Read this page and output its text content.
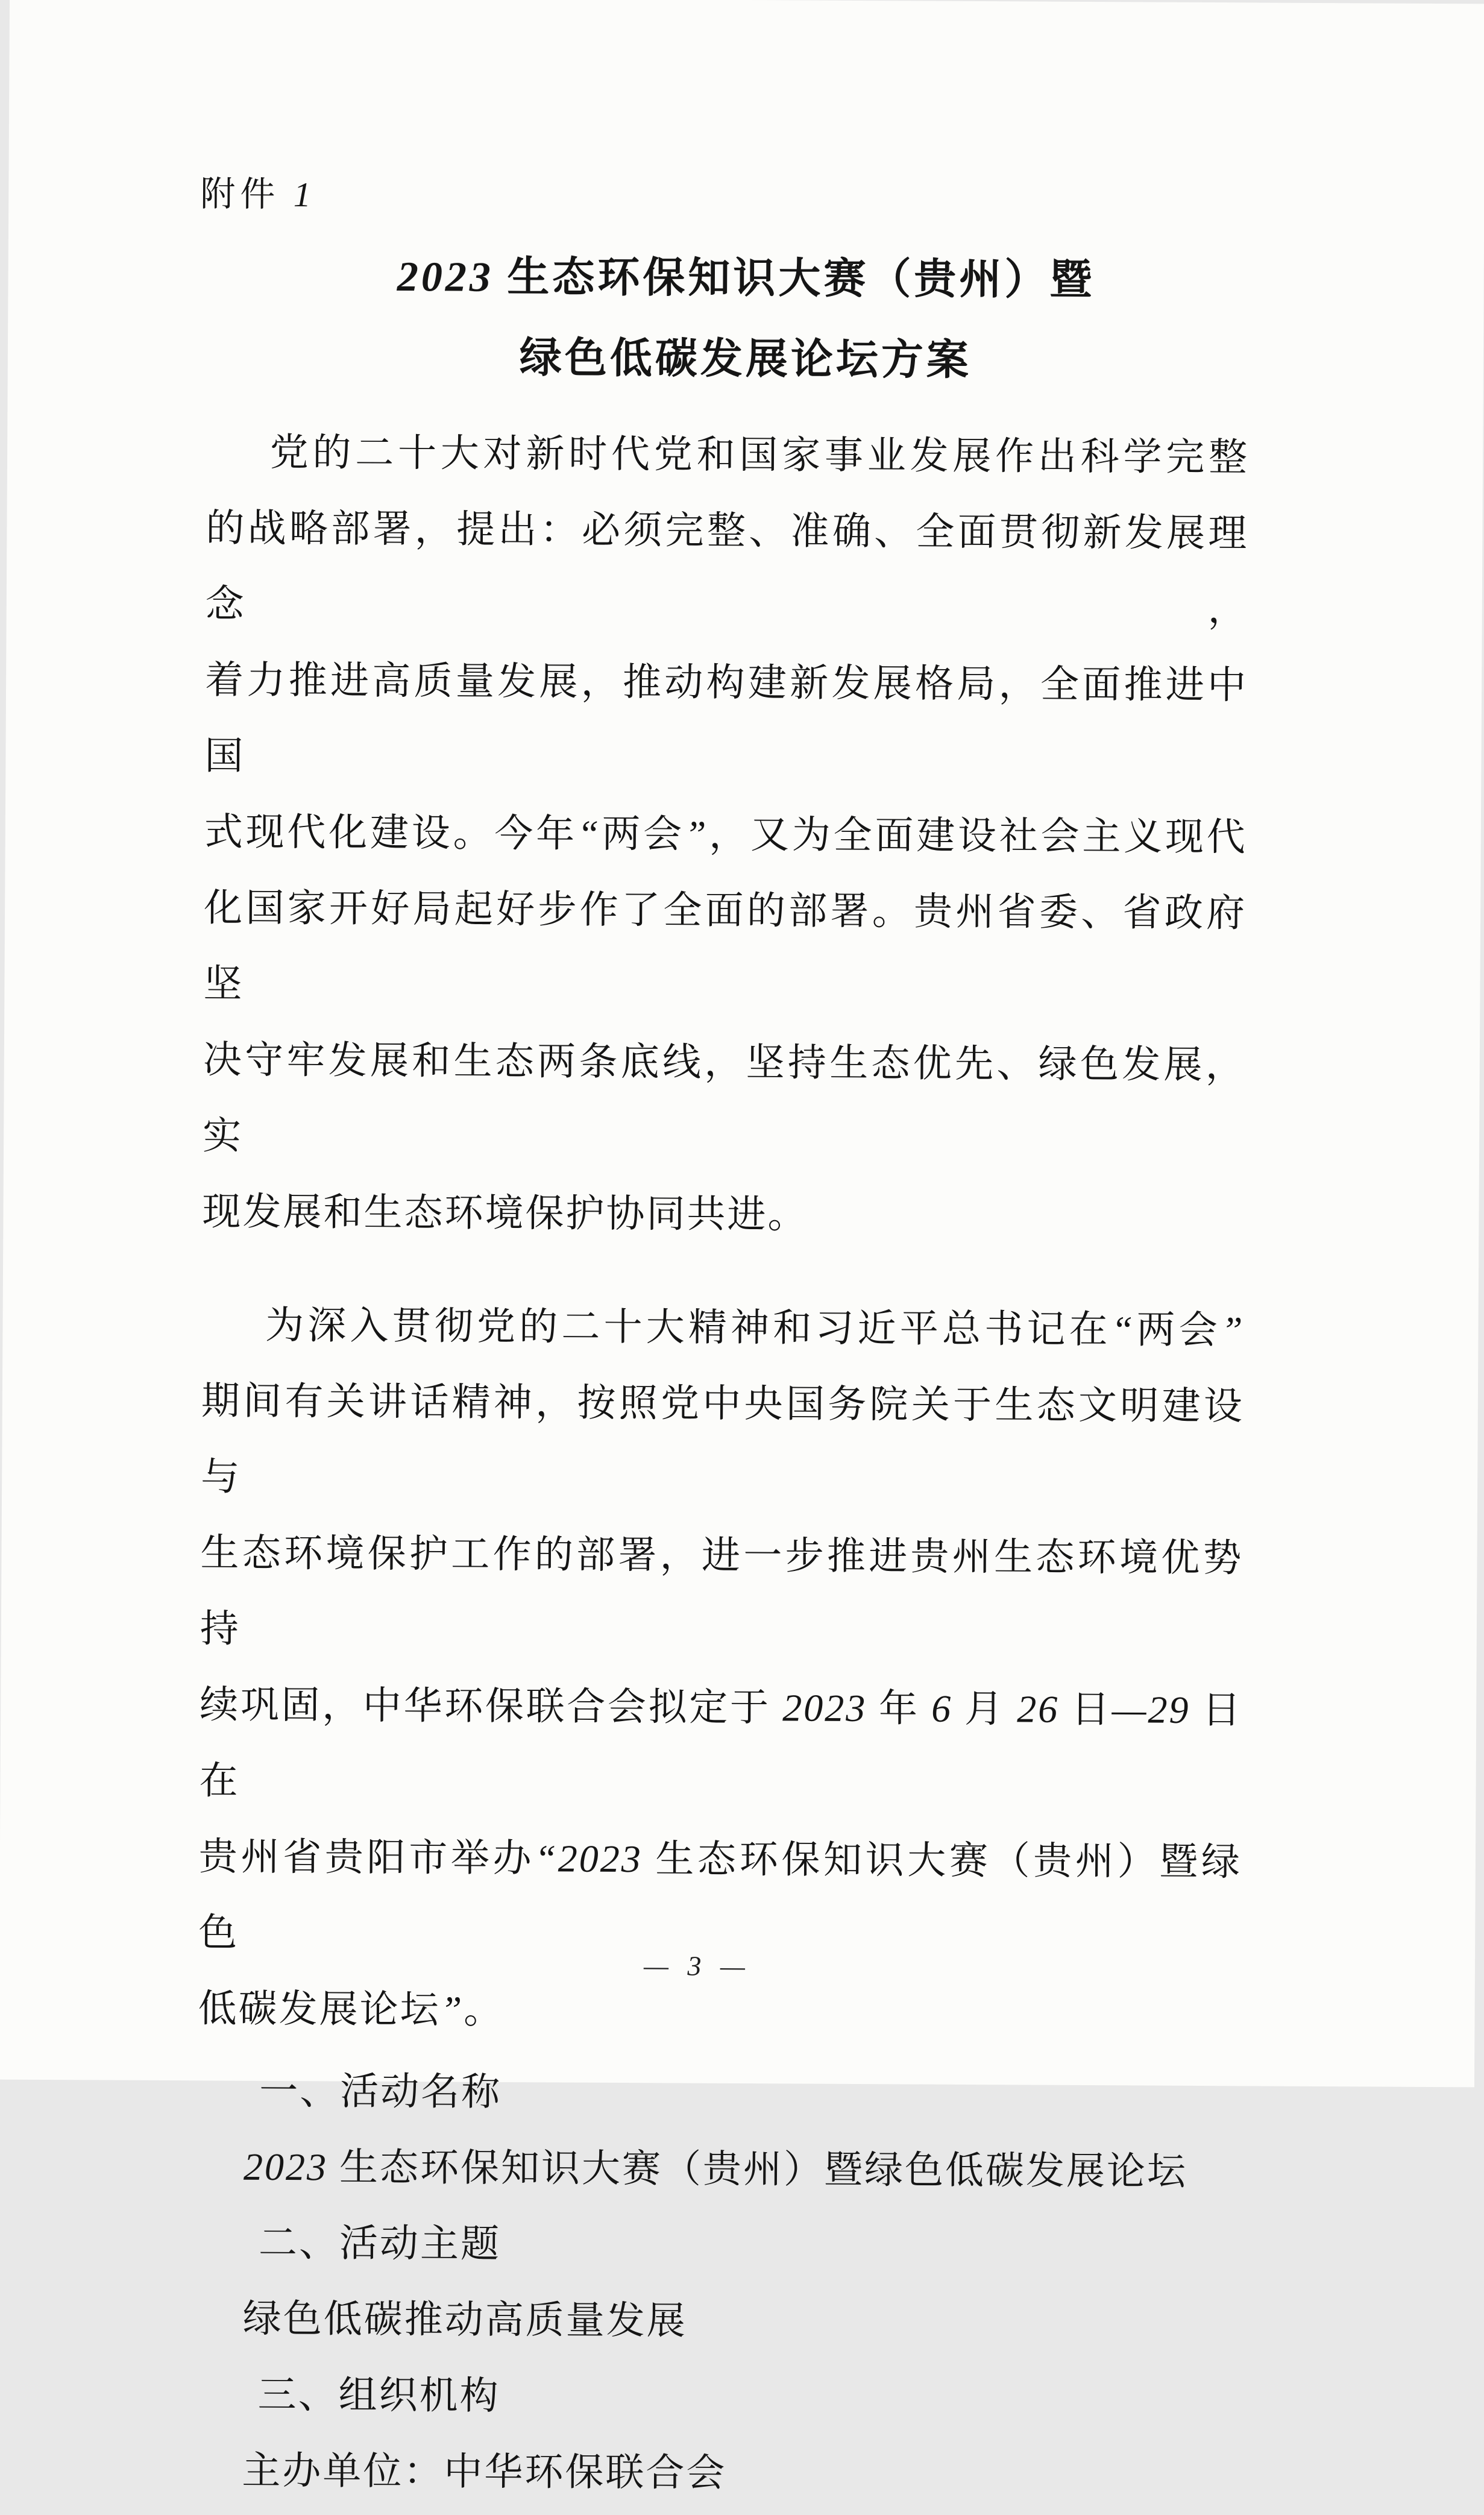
附件 1
2023 生态环保知识大赛（贵州）暨
绿色低碳发展论坛方案
党的二十大对新时代党和国家事业发展作出科学完整
的战略部署，提出：必须完整、准确、全面贯彻新发展理念，
着力推进高质量发展，推动构建新发展格局，全面推进中国
式现代化建设。今年“两会”，又为全面建设社会主义现代
化国家开好局起好步作了全面的部署。贵州省委、省政府坚
决守牢发展和生态两条底线，坚持生态优先、绿色发展，实
现发展和生态环境保护协同共进。
为深入贯彻党的二十大精神和习近平总书记在“两会”
期间有关讲话精神，按照党中央国务院关于生态文明建设与
生态环境保护工作的部署，进一步推进贵州生态环境优势持
续巩固，中华环保联合会拟定于 2023 年 6 月 26 日—29 日在
贵州省贵阳市举办“2023 生态环保知识大赛（贵州）暨绿色
低碳发展论坛”。
一、活动名称
2023 生态环保知识大赛（贵州）暨绿色低碳发展论坛
二、活动主题
绿色低碳推动高质量发展
三、组织机构
主办单位：中华环保联合会
— 3 —
